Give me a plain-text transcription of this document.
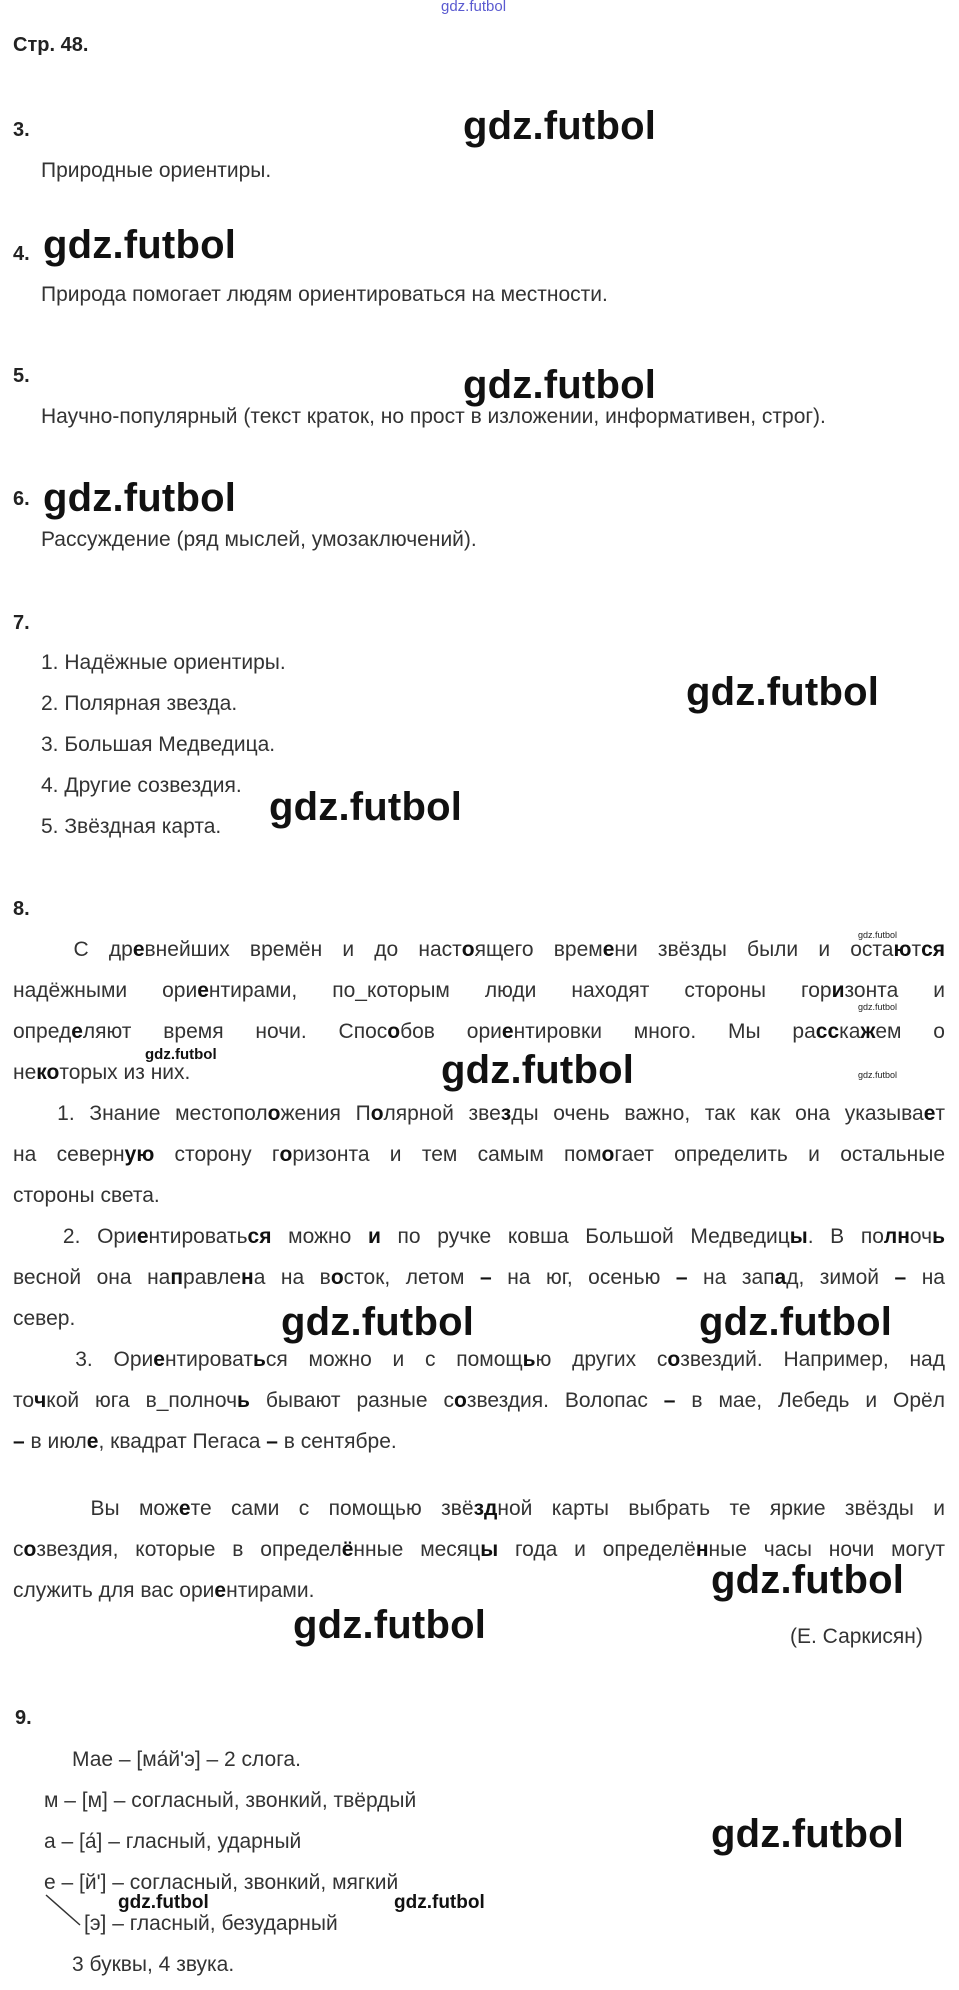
gdz.futbol
Стр. 48.
3.	gdz.futbol
Природные ориентиры.
4. gdz.futbol
Природа помогает людям ориентироваться на местности.
5.	gdz.futbol
Научно-популярный (текст краток, но прост в изложении, информативен, строг).
6. gdz.futbol
Рассуждение (ряд мыслей, умозаключений).
7.
1. Надёжные ориентиры.
2. Полярная звезда.
3. Большая Медведица.
4. Другие созвездия.
5. Звёздная карта.
gdz.futbol
gdz.futbol
8.
gdz.futbol
gdz.futbol
gdz.futbol
С древнейших времён и до настоящего времени звёзды были и остаются
надёжными ориентирами, по_которым люди находят стороны горизонта и
определяют время ночи. Способов ориентировки много. Мы расскажем о
некоторых из них.
1. Знание местоположения Полярной звезды очень важно, так как она указывает
на северную сторону горизонта и тем самым помогает определить и остальные
стороны света.
2. Ориентироваться можно и по ручке ковша Большой Медведицы. В полночь
весной она направлена на восток, летом – на юг, осенью – на запад, зимой – на
север.
3. Ориентироваться можно и с помощью других созвездий. Например, над
точкой юга в_полночь бывают разные созвездия. Волопас – в мае, Лебедь и Орёл
– в июле, квадрат Пегаса – в сентябре.
Вы можете сами с помощью звёздной карты выбрать те яркие звёзды и
созвездия, которые в определённые месяцы года и определённые часы ночи могут
служить для вас ориентирами.
gdz.futbol	gdz.futbol
gdz.futbol	gdz.futbol
gdz.futbol
gdz.futbol	(Е. Саркисян)
9.
Мае – [ма́й'э] – 2 слога.
м – [м] – согласный, звонкий, твёрдый
а – [а́] – гласный, ударный
е – [й'] – согласный, звонкий, мягкий
[э] – гласный, безударный
3 буквы, 4 звука.
gdz.futbol	gdz.futbol
gdz.futbol
